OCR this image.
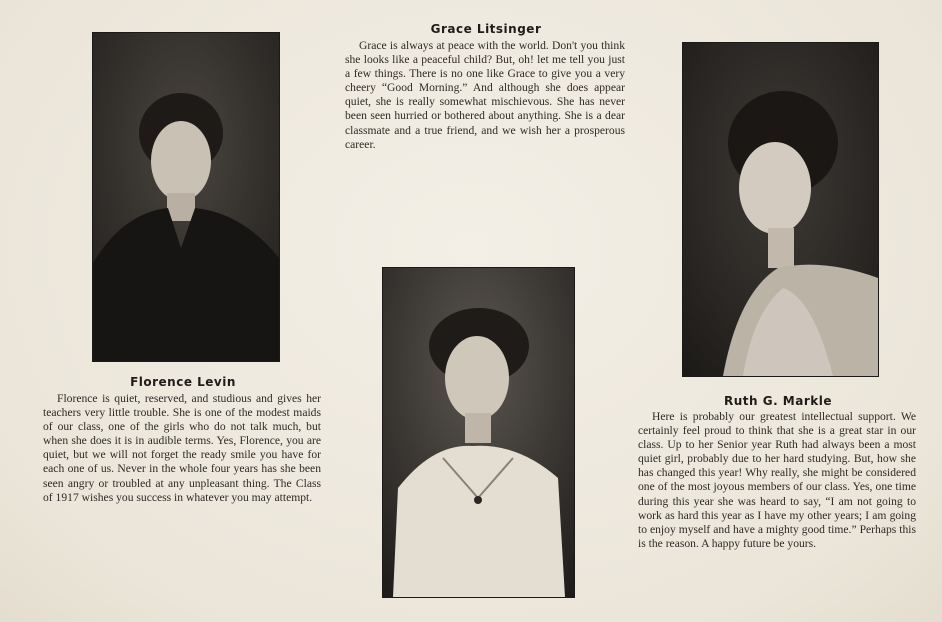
Grace Litsinger

Grace is always at peace with the world. Don't you think she looks like a peaceful child? But, oh! let me tell you just a few things. There is no one like Grace to give you a very cheery “Good Morning.” And although she does appear quiet, she is really somewhat mischievous. She has never been seen hurried or bothered about anything. She is a dear classmate and a true friend, and we wish her a prosperous career.

Florence Levin

Florence is quiet, reserved, and studious and gives her teachers very little trouble. She is one of the modest maids of our class, one of the girls who do not talk much, but when she does it is in audible terms. Yes, Florence, you are quiet, but we will not forget the ready smile you have for each one of us. Never in the whole four years has she been seen angry or troubled at any unpleasant thing. The Class of 1917 wishes you success in whatever you may attempt.

Ruth G. Markle

Here is probably our greatest intellectual support. We certainly feel proud to think that she is a great star in our class. Up to her Senior year Ruth had always been a most quiet girl, probably due to her hard studying. But, how she has changed this year! Why really, she might be considered one of the most joyous members of our class. Yes, one time during this year she was heard to say, “I am not going to work as hard this year as I have my other years; I am going to enjoy myself and have a mighty good time.” Perhaps this is the reason. A happy future be yours.
